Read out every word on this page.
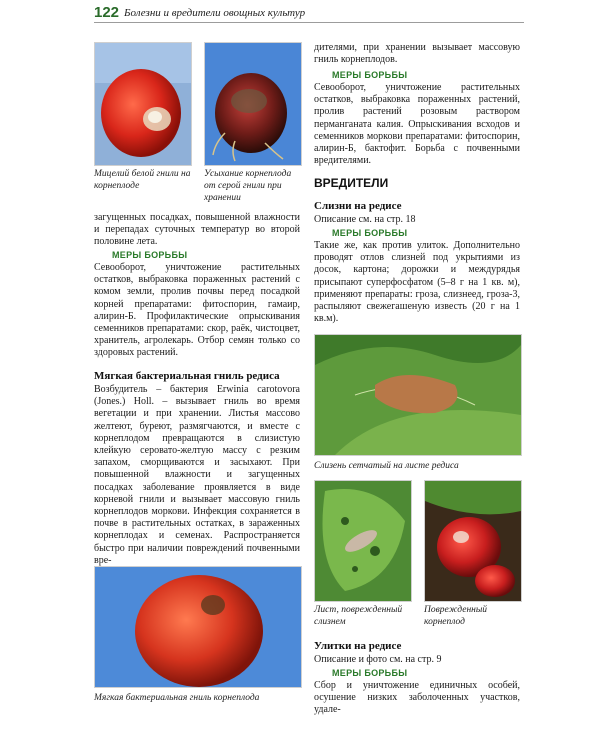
122 Болезни и вредители овощных культур
Мицелий белой гнили на корнеплоде
Усыхание корнеплода от серой гнили при хранении
загущенных посадках, повышенной влажности и перепадах суточных температур во второй половине лета.
МЕРЫ БОРЬБЫ
Севооборот, уничтожение растительных остатков, выбраковка пораженных растений с комом земли, пролив почвы перед посадкой корней препаратами: фитоспорин, гамаир, алирин-Б. Профилактические опрыскивания семенников препаратами: скор, раёк, чистоцвет, хранитель, агролекарь. Отбор семян только со здоровых растений.
Мягкая бактериальная гниль редиса
Возбудитель – бактерия Erwinia carotovora (Jones.) Holl. – вызывает гниль во время вегетации и при хранении. Листья массово желтеют, буреют, размягчаются, и вместе с корнеплодом превращаются в слизистую клейкую серовато-желтую массу с резким запахом, сморщиваются и засыхают. При повышенной влажности и загущенных посадках заболевание проявляется в виде корневой гнили и вызывает массовую гниль корнеплодов моркови. Инфекция сохраняется в почве в растительных остатках, в зараженных корнеплодах и семенах. Распространяется быстро при наличии повреждений почвенными вре-
Мягкая бактериальная гниль корнеплода
дителями, при хранении вызывает массовую гниль корнеплодов.
МЕРЫ БОРЬБЫ
Севооборот, уничтожение растительных остатков, выбраковка пораженных растений, пролив растений розовым раствором перманганата калия. Опрыскивания всходов и семенников моркови препаратами: фитоспорин, алирин-Б, бактофит. Борьба с почвенными вредителями.
ВРЕДИТЕЛИ
Слизни на редисе
Описание см. на стр. 18
МЕРЫ БОРЬБЫ
Такие же, как против улиток. Дополнительно проводят отлов слизней под укрытиями из досок, картона; дорожки и междурядья присыпают суперфосфатом (5–8 г на 1 кв. м), применяют препараты: гроза, слизнеед, гроза-3, распыляют свежегашеную известь (20 г на 1 кв.м).
Слизень сетчатый на листе редиса
Лист, поврежденный слизнем
Поврежденный корнеплод
Улитки на редисе
Описание и фото см. на стр. 9
МЕРЫ БОРЬБЫ
Сбор и уничтожение единичных особей, осушение низких заболоченных участков, удале-
